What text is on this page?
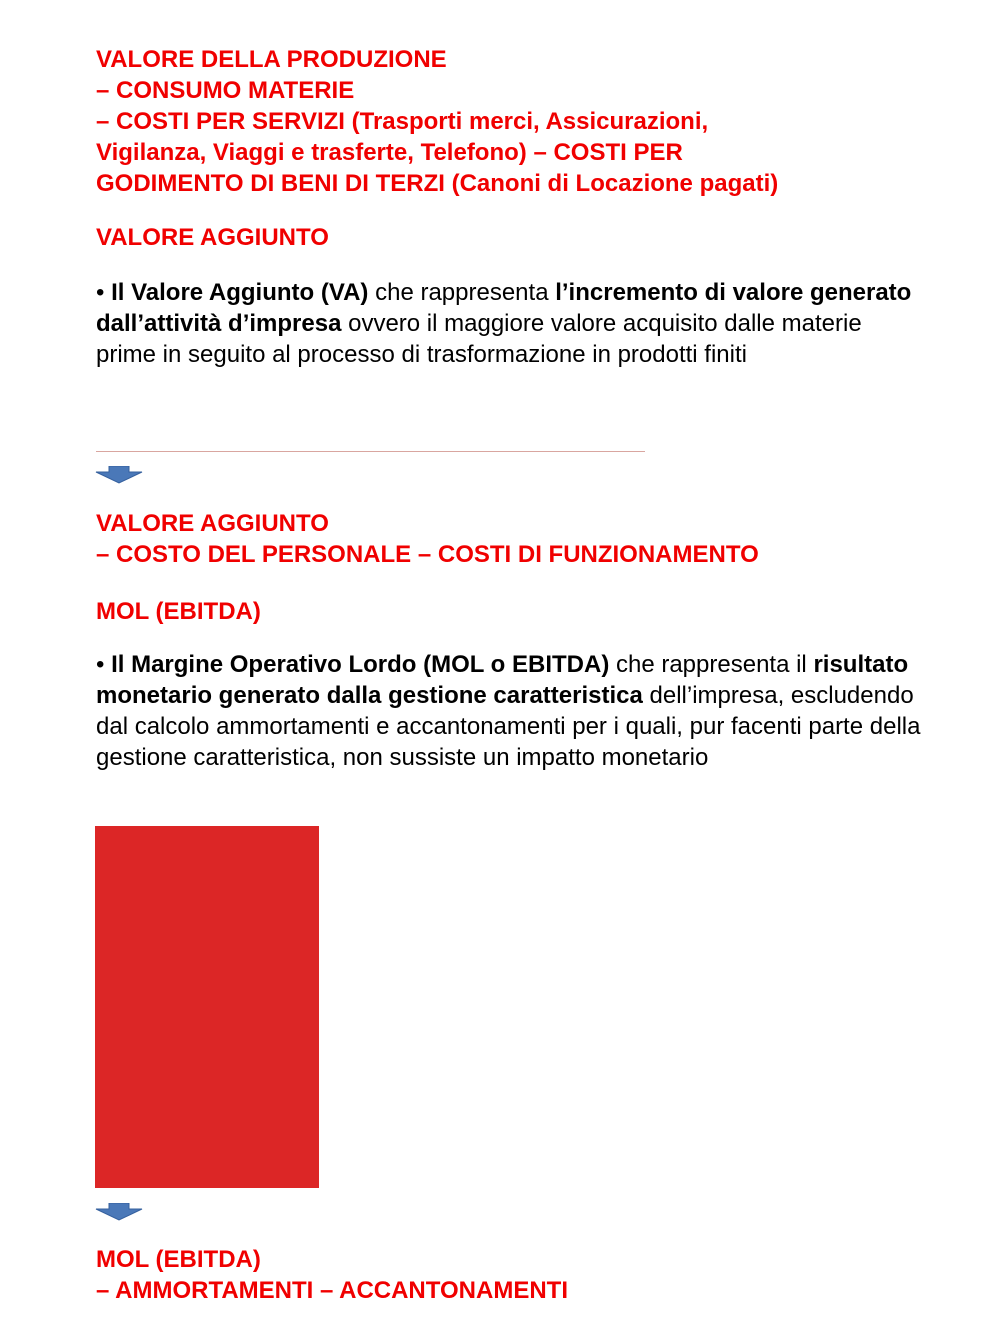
VALORE DELLA PRODUZIONE
– CONSUMO MATERIE
– COSTI PER SERVIZI (Trasporti merci, Assicurazioni,
Vigilanza, Viaggi e trasferte, Telefono) – COSTI PER
GODIMENTO DI BENI DI TERZI (Canoni di Locazione pagati)
VALORE AGGIUNTO
• Il Valore Aggiunto (VA) che rappresenta l’incremento di valore generato dall’attività d’impresa ovvero il maggiore valore acquisito dalle materie prime in seguito al processo di trasformazione in prodotti finiti
VALORE AGGIUNTO
– COSTO DEL PERSONALE – COSTI DI FUNZIONAMENTO
MOL (EBITDA)
• Il Margine Operativo Lordo (MOL o EBITDA) che rappresenta il risultato monetario generato dalla gestione caratteristica dell’impresa, escludendo dal calcolo ammortamenti e accantonamenti per i quali, pur facenti parte della gestione caratteristica, non sussiste un impatto monetario
MOL (EBITDA)
– AMMORTAMENTI – ACCANTONAMENTI
